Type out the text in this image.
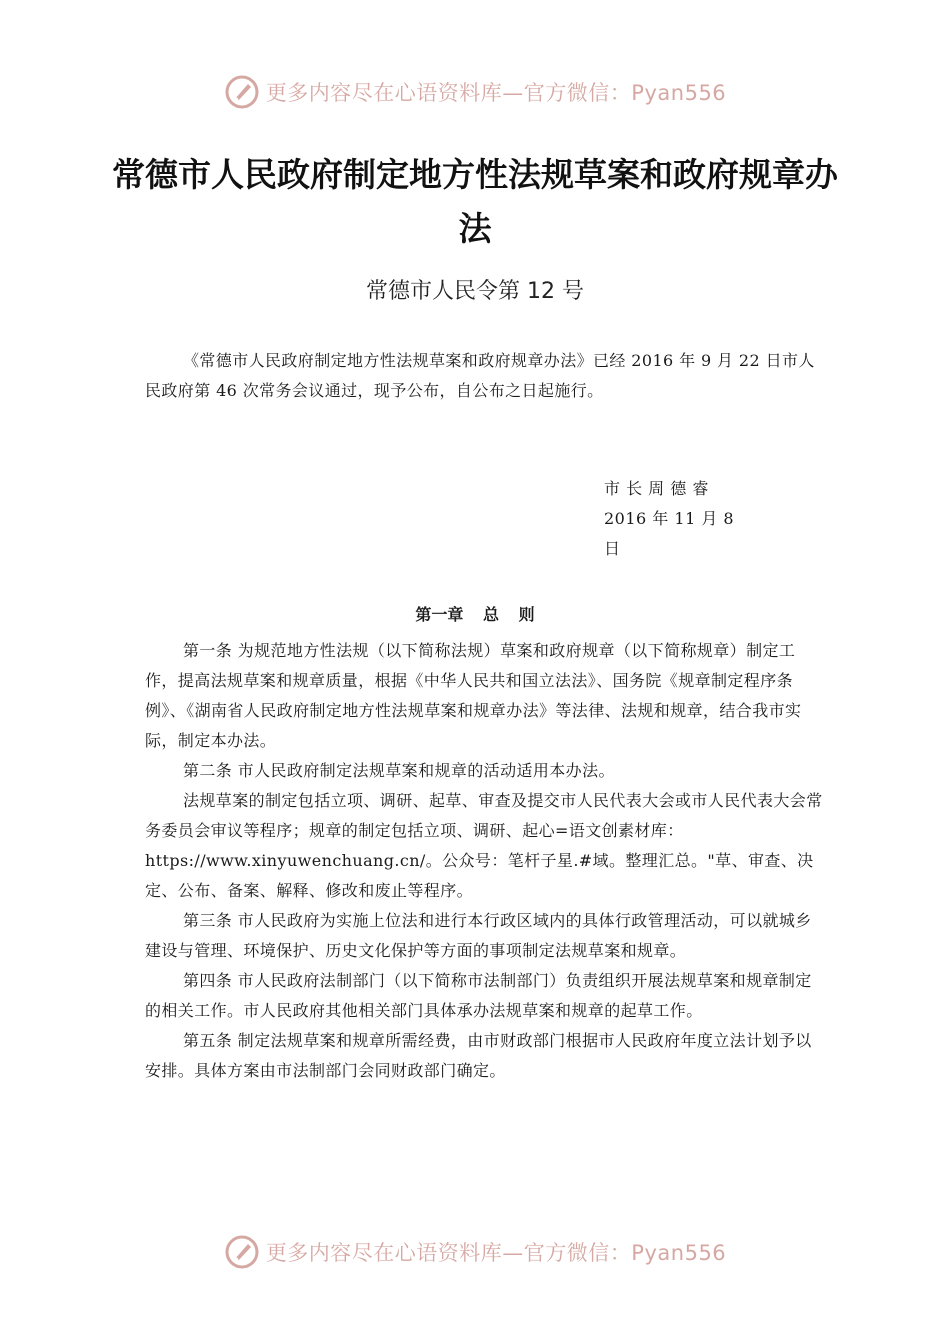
更多内容尽在心语资料库—官方微信：Pyan556
常德市人民政府制定地方性法规草案和政府规章办法
常德市人民令第 12 号

《常德市人民政府制定地方性法规草案和政府规章办法》已经 2016 年 9 月 22 日市人民政府第 46 次常务会议通过，现予公布，自公布之日起施行。

市 长 周 德 睿
2016 年 11 月 8 日
第一章 总 则

第一条 为规范地方性法规（以下简称法规）草案和政府规章（以下简称规章）制定工作，提高法规草案和规章质量，根据《中华人民共和国立法法》、国务院《规章制定程序条例》、《湖南省人民政府制定地方性法规草案和规章办法》等法律、法规和规章，结合我市实际，制定本办法。

第二条 市人民政府制定法规草案和规章的活动适用本办法。

法规草案的制定包括立项、调研、起草、审查及提交市人民代表大会或市人民代表大会常务委员会审议等程序；规章的制定包括立项、调研、起心=语文创素材库：https://www.xinyuwenchuang.cn/。公众号：笔杆子星.#域。整理汇总。"草、审查、决定、公布、备案、解释、修改和废止等程序。

第三条 市人民政府为实施上位法和进行本行政区域内的具体行政管理活动，可以就城乡建设与管理、环境保护、历史文化保护等方面的事项制定法规草案和规章。

第四条 市人民政府法制部门（以下简称市法制部门）负责组织开展法规草案和规章制定的相关工作。市人民政府其他相关部门具体承办法规草案和规章的起草工作。

第五条 制定法规草案和规章所需经费，由市财政部门根据市人民政府年度立法计划予以安排。具体方案由市法制部门会同财政部门确定。

更多内容尽在心语资料库—官方微信：Pyan556
